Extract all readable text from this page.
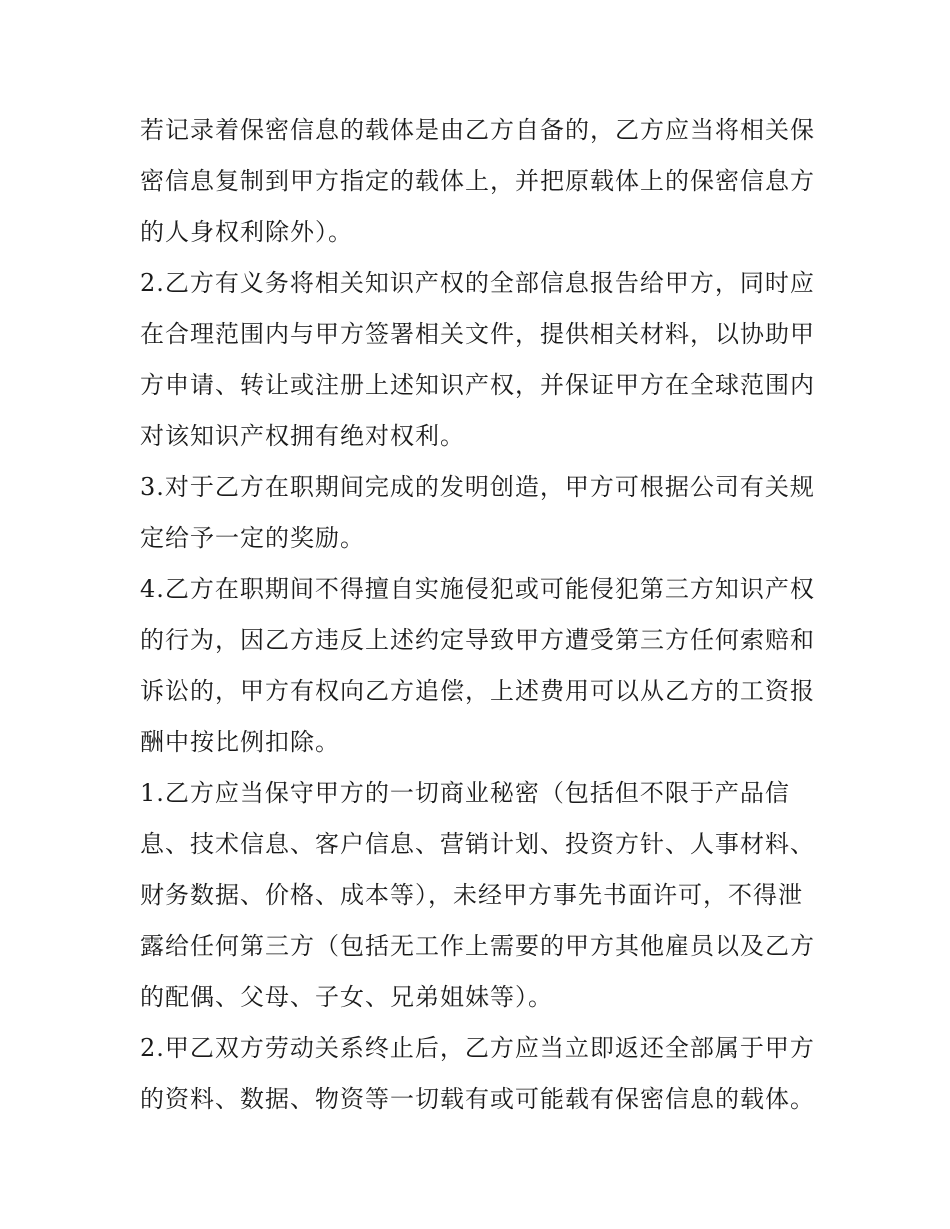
若记录着保密信息的载体是由乙方自备的，乙方应当将相关保
密信息复制到甲方指定的载体上，并把原载体上的保密信息方
的人身权利除外）。
2.乙方有义务将相关知识产权的全部信息报告给甲方，同时应
在合理范围内与甲方签署相关文件，提供相关材料，以协助甲
方申请、转让或注册上述知识产权，并保证甲方在全球范围内
对该知识产权拥有绝对权利。
3.对于乙方在职期间完成的发明创造，甲方可根据公司有关规
定给予一定的奖励。
4.乙方在职期间不得擅自实施侵犯或可能侵犯第三方知识产权
的行为，因乙方违反上述约定导致甲方遭受第三方任何索赔和
诉讼的，甲方有权向乙方追偿，上述费用可以从乙方的工资报
酬中按比例扣除。
1.乙方应当保守甲方的一切商业秘密（包括但不限于产品信
息、技术信息、客户信息、营销计划、投资方针、人事材料、
财务数据、价格、成本等），未经甲方事先书面许可，不得泄
露给任何第三方（包括无工作上需要的甲方其他雇员以及乙方
的配偶、父母、子女、兄弟姐妹等）。
2.甲乙双方劳动关系终止后，乙方应当立即返还全部属于甲方
的资料、数据、物资等一切载有或可能载有保密信息的载体。
